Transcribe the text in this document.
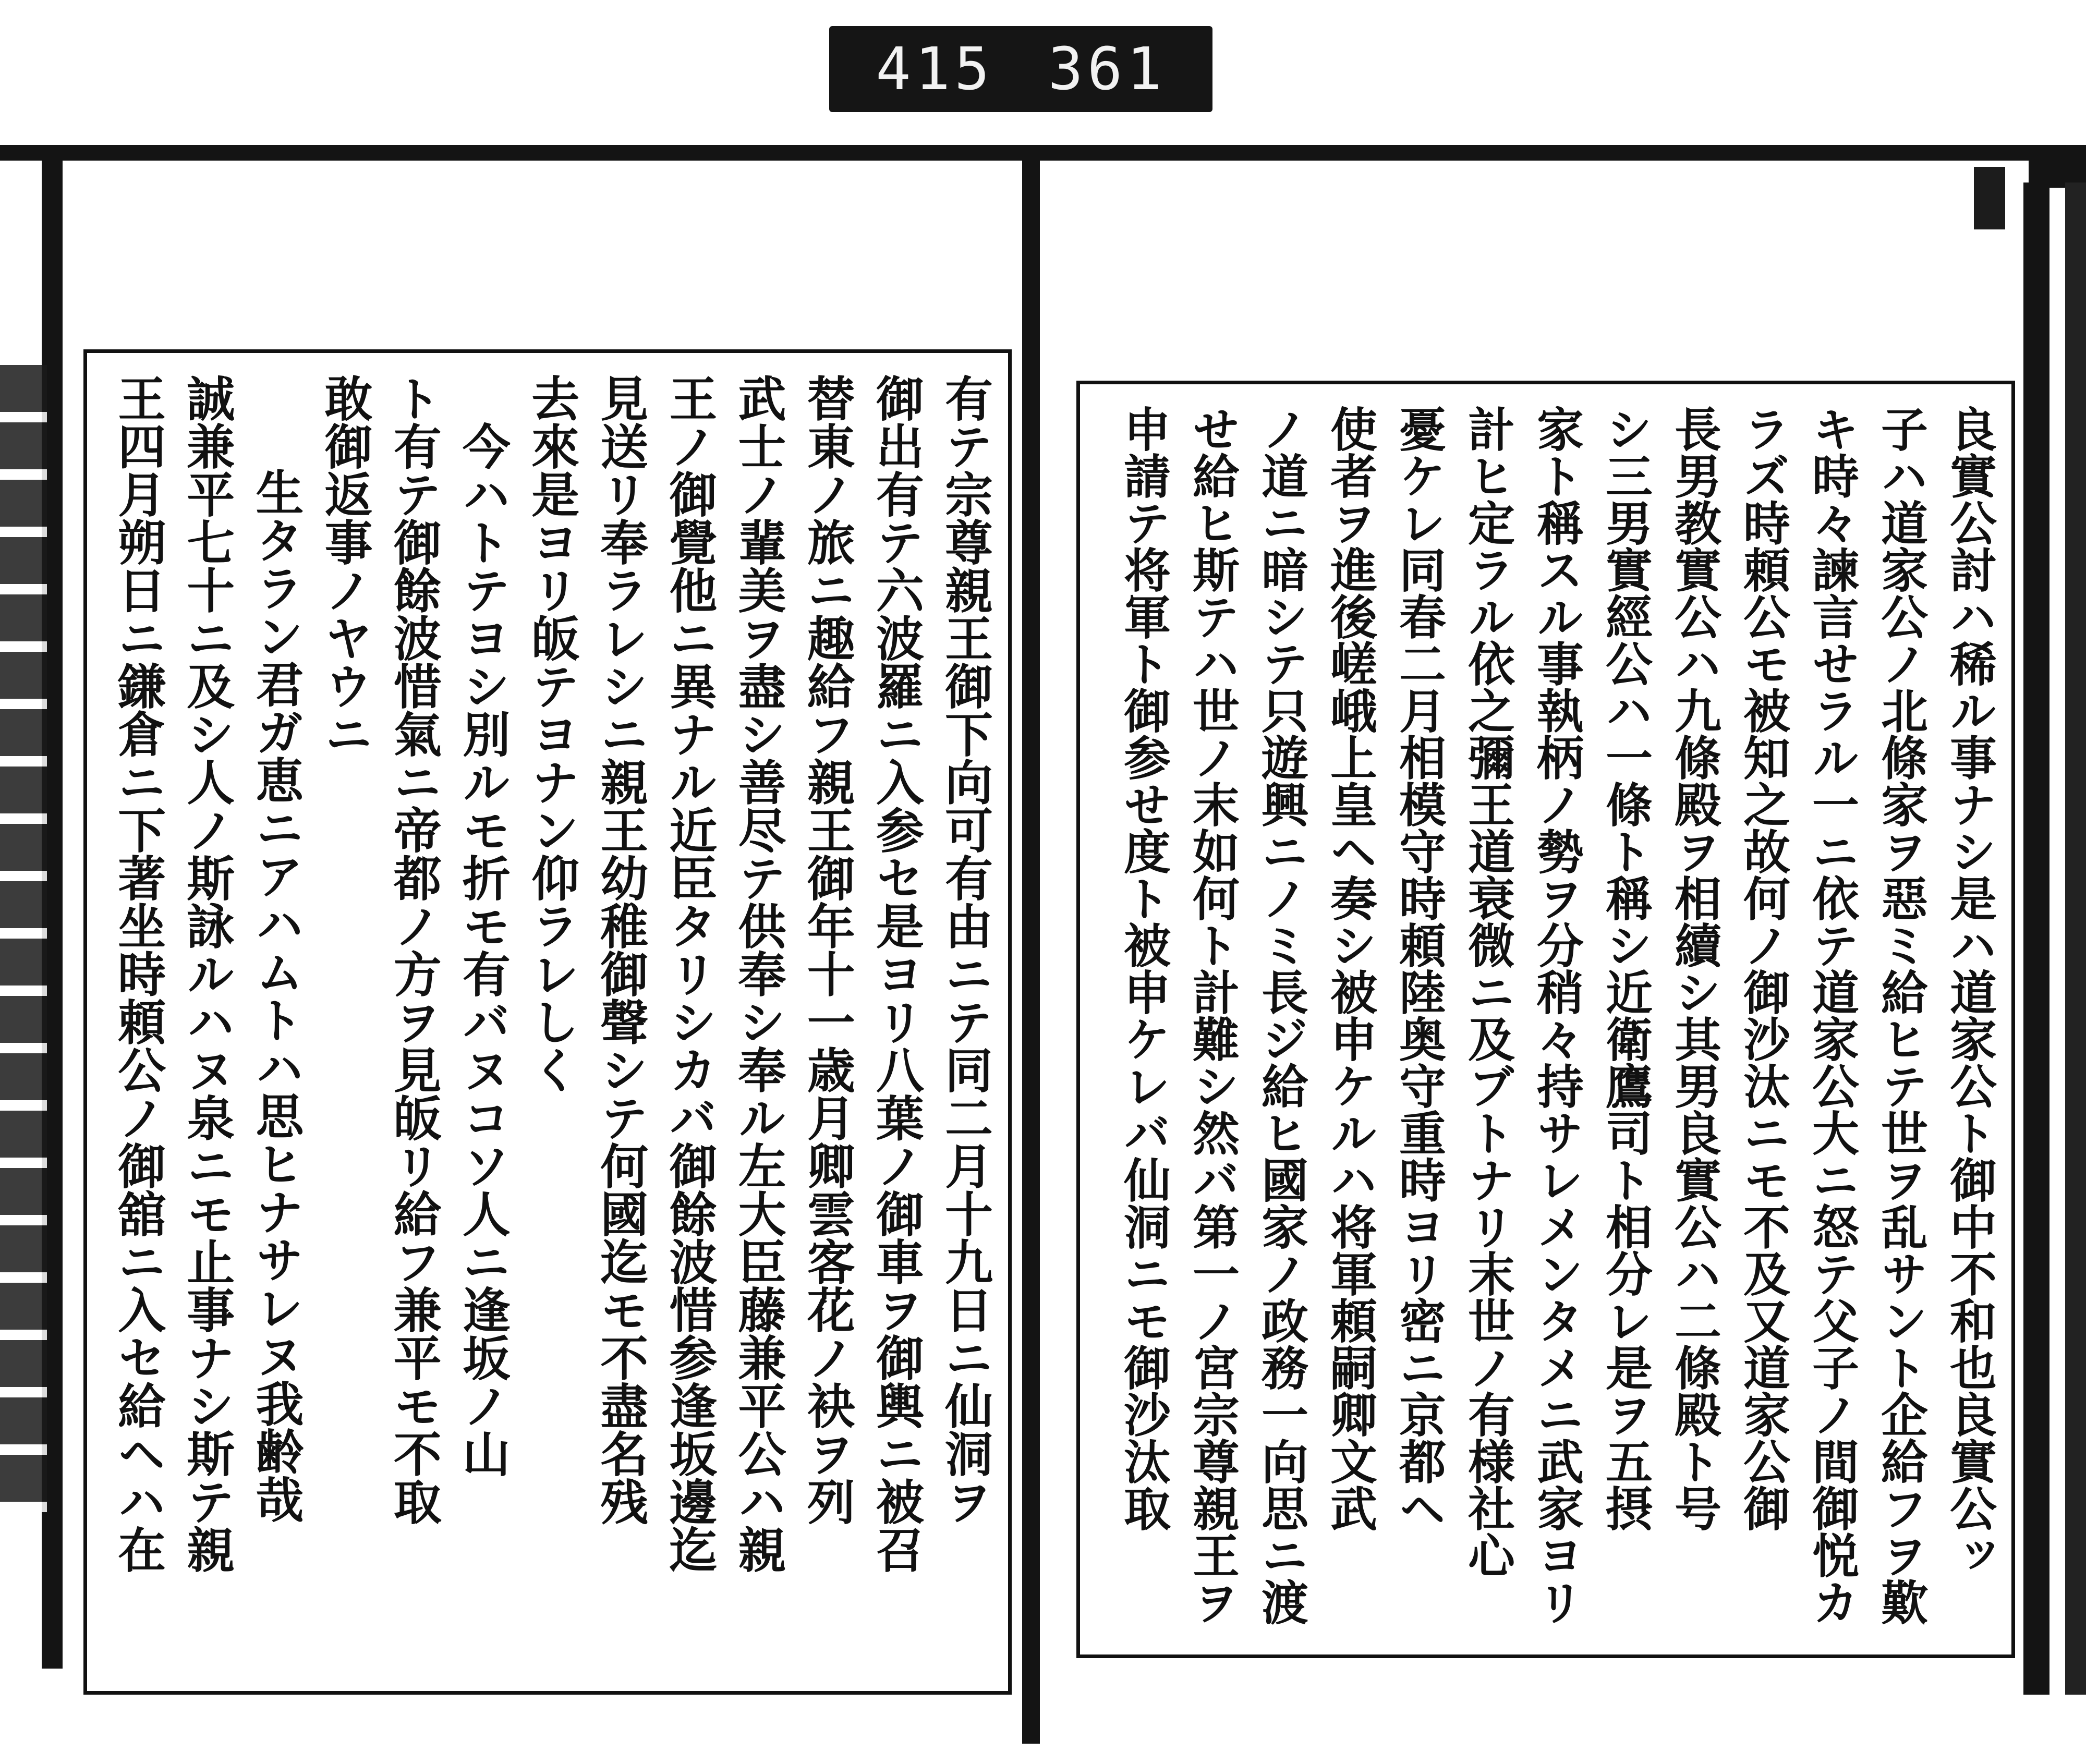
415 361
有テ宗尊親王御下向可有由ニテ同二月十九日ニ仙洞ヲ
御出有テ六波羅ニ入参セ是ヨリ八葉ノ御車ヲ御輿ニ被召
替東ノ旅ニ趣給フ親王御年十一歳月卿雲客花ノ袂ヲ列
武士ノ輩美ヲ盡シ善尽テ供奉シ奉ル左大臣藤兼平公ハ親
王ノ御覺他ニ異ナル近臣タリシカバ御餘波惜参逢坂邊迄
見送リ奉ラレシニ親王幼稚御聲シテ何國迄モ不盡名残
去來是ヨリ皈テヨナン仰ラレしく
今ハトテヨシ別ルモ折モ有バヌコソ人ニ逢坂ノ山
ト有テ御餘波惜氣ニ帝都ノ方ヲ見皈リ給フ兼平モ不取
敢御返事ノヤウニ
生タラン君ガ恵ニアハムトハ思ヒナサレヌ我齢哉
誠兼平七十ニ及シ人ノ斯詠ルハヌ泉ニモ止事ナシ斯テ親
王四月朔日ニ鎌倉ニ下著坐時頼公ノ御舘ニ入セ給ヘハ在	良實公討ハ稀ル事ナシ是ハ道家公ト御中不和也良實公ッ
子ハ道家公ノ北條家ヲ惡ミ給ヒテ世ヲ乱サント企給フヲ歎
キ時々諫言せラル一ニ依テ道家公大ニ怒テ父子ノ間御悦カ
ラズ時頼公モ被知之故何ノ御沙汰ニモ不及又道家公御
長男教實公ハ九條殿ヲ相續シ其男良實公ハ二條殿ト号
シ三男實經公ハ一條ト稱シ近衛鷹司ト相分レ是ヲ五摂
家ト稱スル事執柄ノ勢ヲ分稍々持サレメンタメニ武家ヨリ
計ヒ定ラル依之彌王道衰微ニ及ブトナリ末世ノ有様社心
憂ケレ同春二月相模守時頼陸奥守重時ヨリ密ニ京都ヘ
使者ヲ進後嵯峨上皇ヘ奏シ被申ケルハ将軍頼嗣卿文武
ノ道ニ暗シテ只遊興ニノミ長ジ給ヒ國家ノ政務一向思ニ渡
せ給ヒ斯テハ世ノ末如何ト計難シ然バ第一ノ宮宗尊親王ヲ
申請テ将軍ト御参せ度ト被申ケレバ仙洞ニモ御沙汰取
